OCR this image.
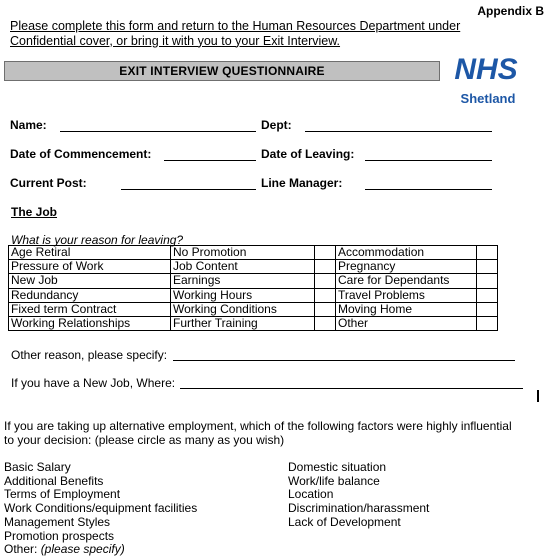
Appendix B
Please complete this form and return to the Human Resources Department under Confidential cover, or bring it with you to your Exit Interview.
EXIT INTERVIEW QUESTIONNAIRE	NHS
Shetland
Name:	Dept:
Date of Commencement:	Date of Leaving:
Current Post:	Line Manager:
The Job
What is your reason for leaving?
Age Retiral	No Promotion		Accommodation	
Pressure of Work	Job Content		Pregnancy	
New Job	Earnings		Care for Dependants	
Redundancy	Working Hours		Travel Problems	
Fixed term Contract	Working Conditions		Moving Home	
Working Relationships	Further Training		Other	
Other reason, please specify:
If you have a New Job, Where:
If you are taking up alternative employment, which of the following factors were highly influential to your decision: (please circle as many as you wish)
Basic Salary
Additional Benefits
Terms of Employment
Work Conditions/equipment facilities
Management Styles
Promotion prospects
Other: (please specify)
Domestic situation
Work/life balance
Location
Discrimination/harassment
Lack of Development
